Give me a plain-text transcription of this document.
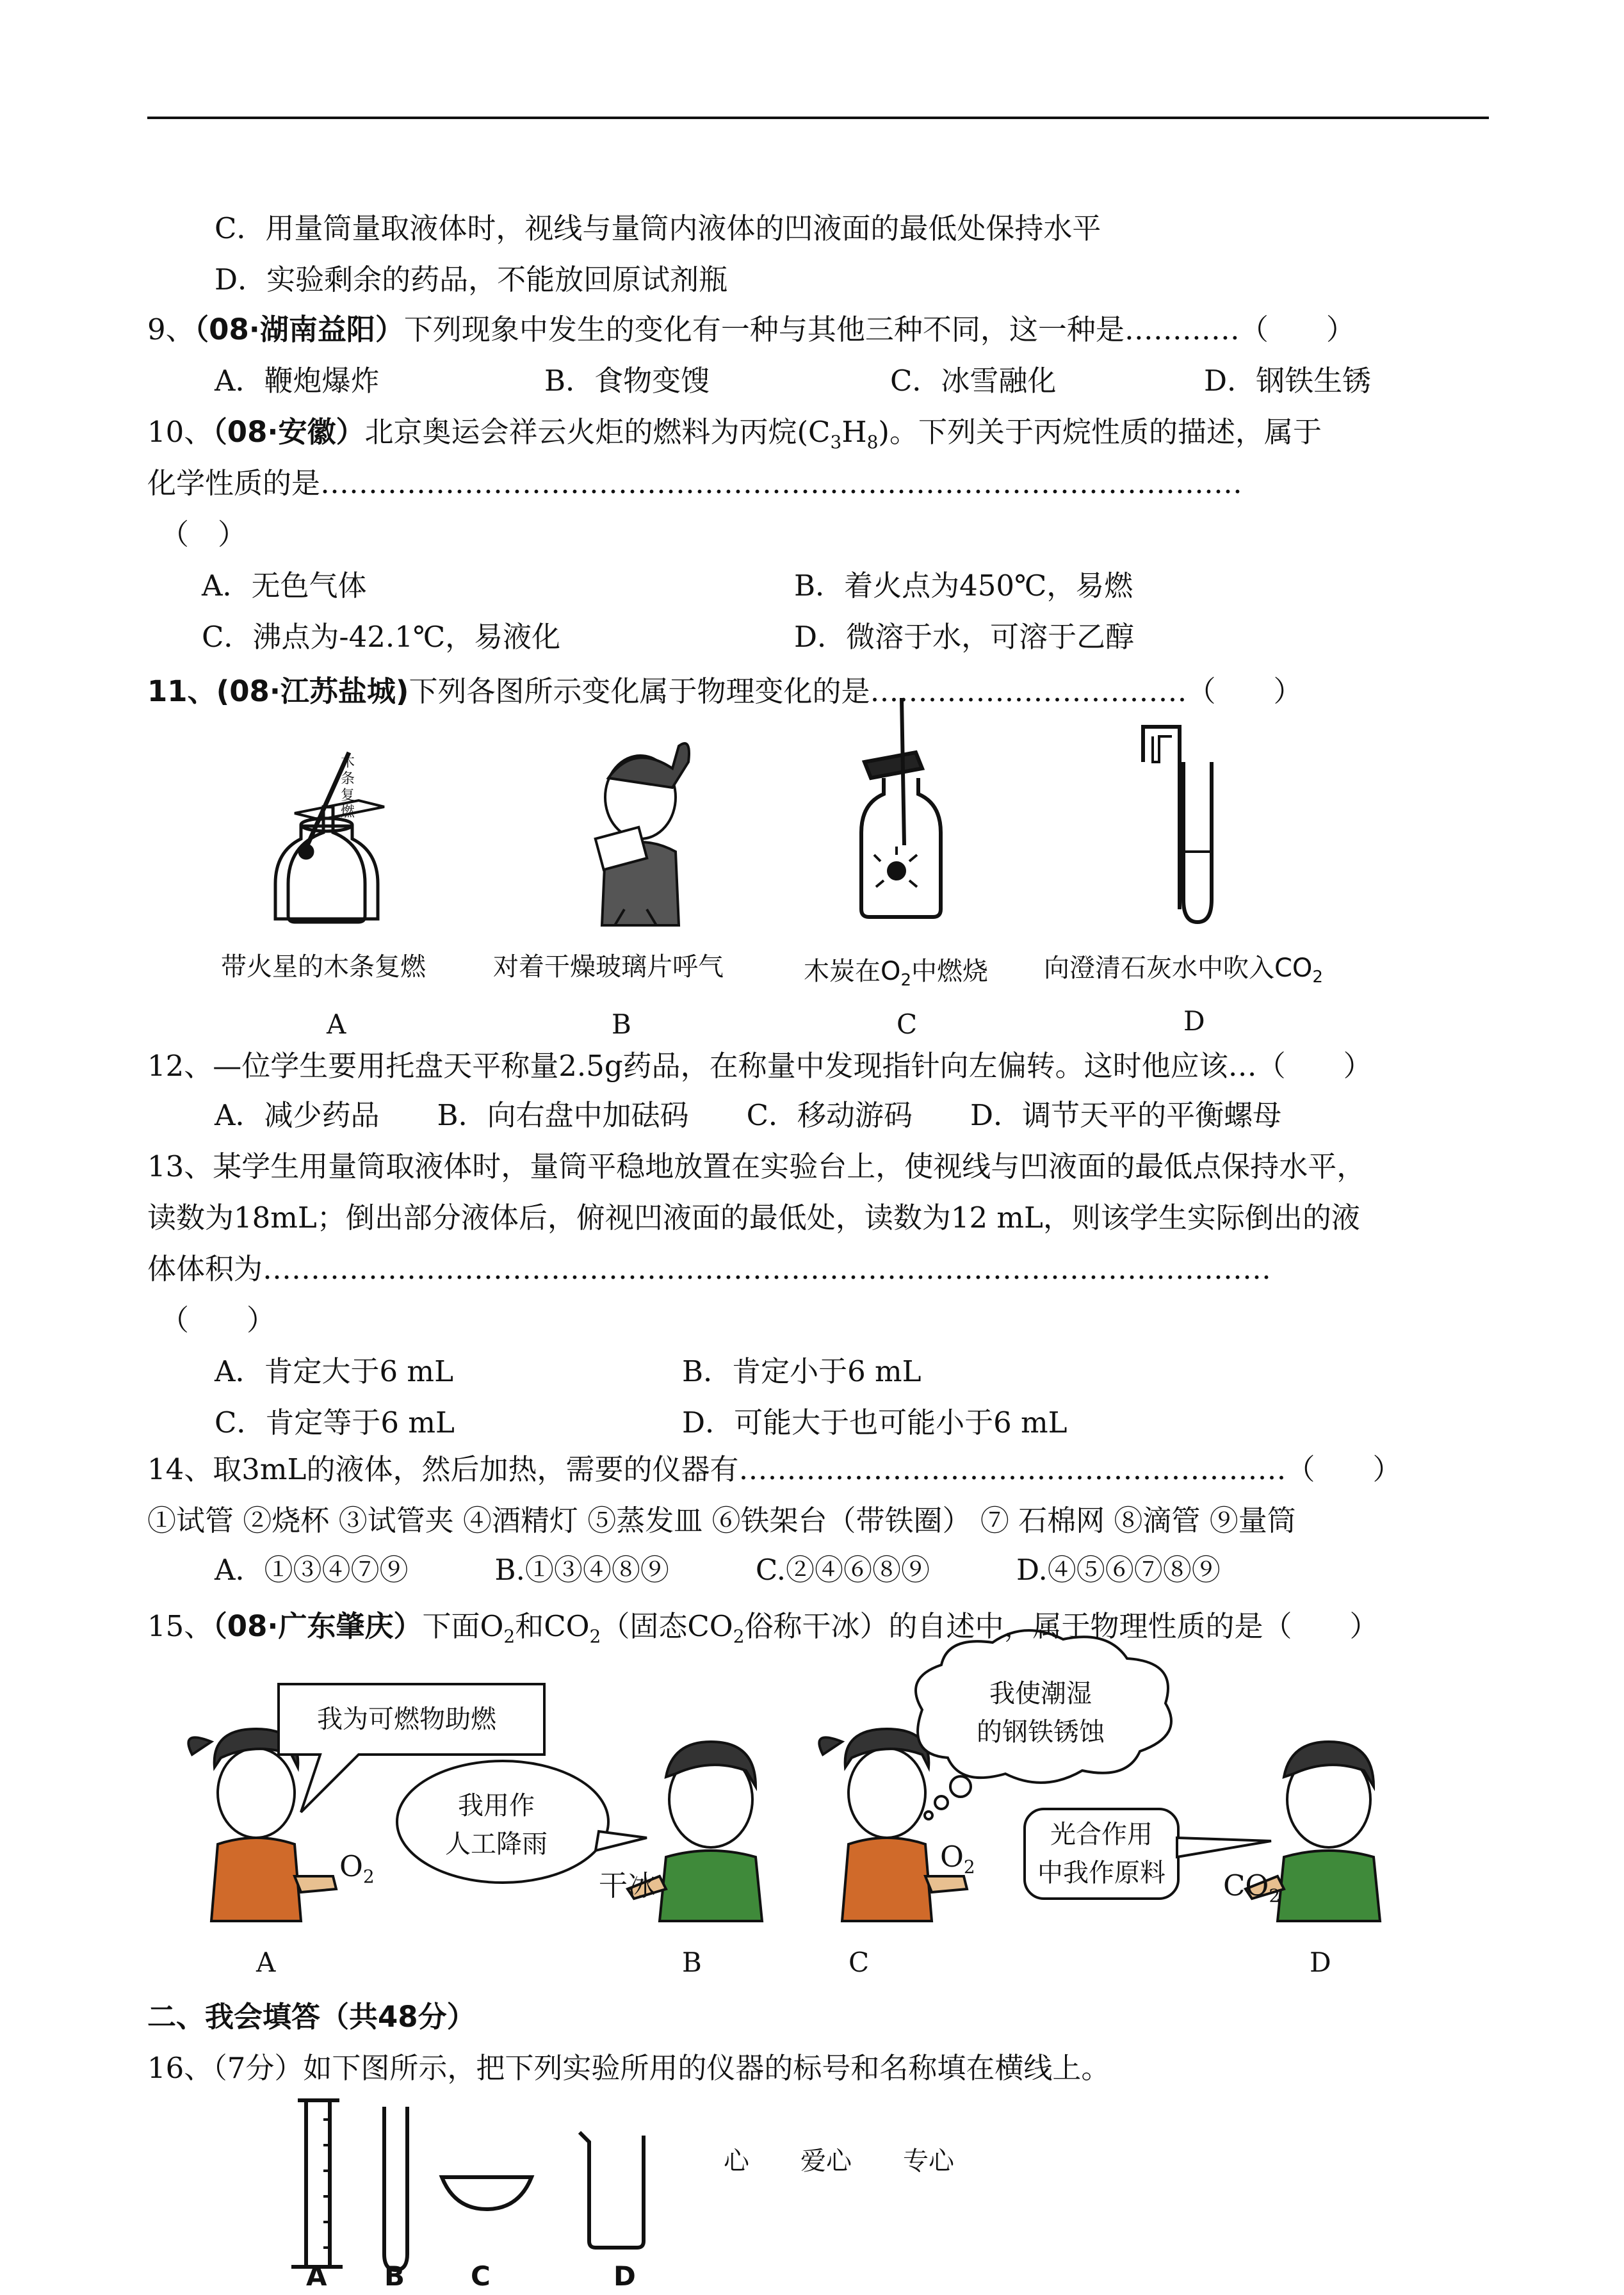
C．用量筒量取液体时，视线与量筒内液体的凹液面的最低处保持水平
D．实验剩余的药品，不能放回原试剂瓶
9、（08·湖南益阳）下列现象中发生的变化有一种与其他三种不同，这一种是…………（　　）
A．鞭炮爆炸	B．食物变馊	C．冰雪融化	D．钢铁生锈
10、（08·安徽）北京奥运会祥云火炬的燃料为丙烷$(C_3H_8)$。下列关于丙烷性质的描述，属于
化学性质的是……………………………………………………………………………………
（　）
A．无色气体	B．着火点为450℃，易燃
C．沸点为-42.1℃，易液化	D．微溶于水，可溶于乙醇
11、(08·江苏盐城)下列各图所示变化属于物理变化的是……………………………（　　）
木条复燃
带火星的木条复燃	对着干燥玻璃片呼气	木炭在$O_2$中燃烧 向澄清石灰水中吹入$CO_2$
A	B	C	D
12、—位学生要用托盘天平称量2.5g药品，在称量中发现指针向左偏转。这时他应该…（　　）
A．减少药品　　B．向右盘中加砝码　　C．移动游码　　D．调节天平的平衡螺母
13、某学生用量筒取液体时，量筒平稳地放置在实验台上，使视线与凹液面的最低点保持水平，
读数为18mL；倒出部分液体后，俯视凹液面的最低处，读数为12 mL，则该学生实际倒出的液
体体积为……………………………………………………………………………………………
（　　）
A．肯定大于6 mL	B．肯定小于6 mL
C．肯定等于6 mL	D．可能大于也可能小于6 mL
14、取3mL的液体，然后加热，需要的仪器有…………………………………………………（　　）
①试管 ②烧杯 ③试管夹 ④酒精灯 ⑤蒸发皿 ⑥铁架台（带铁圈） ⑦ 石棉网 ⑧滴管 ⑨量筒
A．①③④⑦⑨　　　B.①③④⑧⑨　　　C.②④⑥⑧⑨　　　D.④⑤⑥⑦⑧⑨
15、（08·广东肇庆）下面$O_2$和$CO_2$（固态$CO_2$俗称干冰）的自述中，属于物理性质的是（　　）
我为可燃物助燃
我用作
人工降雨
我使潮湿
的钢铁锈蚀
光合作用
中我作原料
$O_2$	干冰
$O_2$
$CO_2$
A	B	C	D
二、我会填答（共48分）
16、（7分）如下图所示，把下列实验所用的仪器的标号和名称填在横线上。
心　　爱心　　专心
A B C	D
